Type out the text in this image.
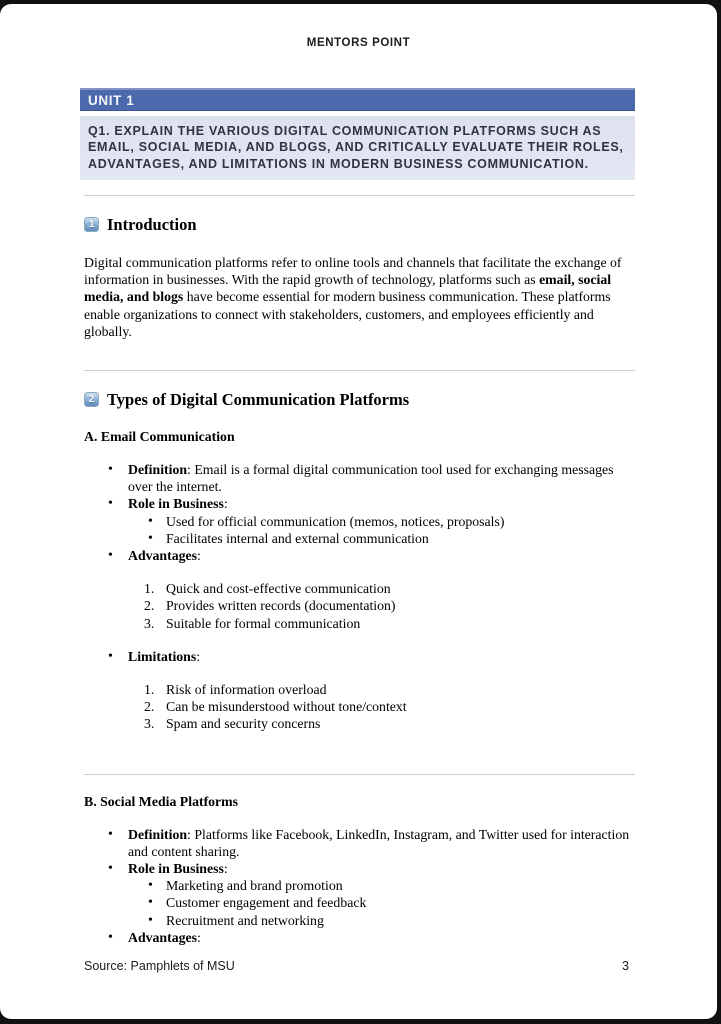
MENTORS POINT
UNIT 1
Q1. EXPLAIN THE VARIOUS DIGITAL COMMUNICATION PLATFORMS SUCH AS EMAIL, SOCIAL MEDIA, AND BLOGS, AND CRITICALLY EVALUATE THEIR ROLES, ADVANTAGES, AND LIMITATIONS IN MODERN BUSINESS COMMUNICATION.
1 Introduction
Digital communication platforms refer to online tools and channels that facilitate the exchange of information in businesses. With the rapid growth of technology, platforms such as email, social media, and blogs have become essential for modern business communication. These platforms enable organizations to connect with stakeholders, customers, and employees efficiently and globally.
2 Types of Digital Communication Platforms
A. Email Communication
• Definition: Email is a formal digital communication tool used for exchanging messages over the internet.
• Role in Business:
• Used for official communication (memos, notices, proposals)
• Facilitates internal and external communication
• Advantages:
Quick and cost-effective communication
Provides written records (documentation)
Suitable for formal communication
• Limitations:
Risk of information overload
Can be misunderstood without tone/context
Spam and security concerns
B. Social Media Platforms
• Definition: Platforms like Facebook, LinkedIn, Instagram, and Twitter used for interaction and content sharing.
• Role in Business:
• Marketing and brand promotion
• Customer engagement and feedback
• Recruitment and networking
• Advantages:
Source: Pamphlets of MSU	3
